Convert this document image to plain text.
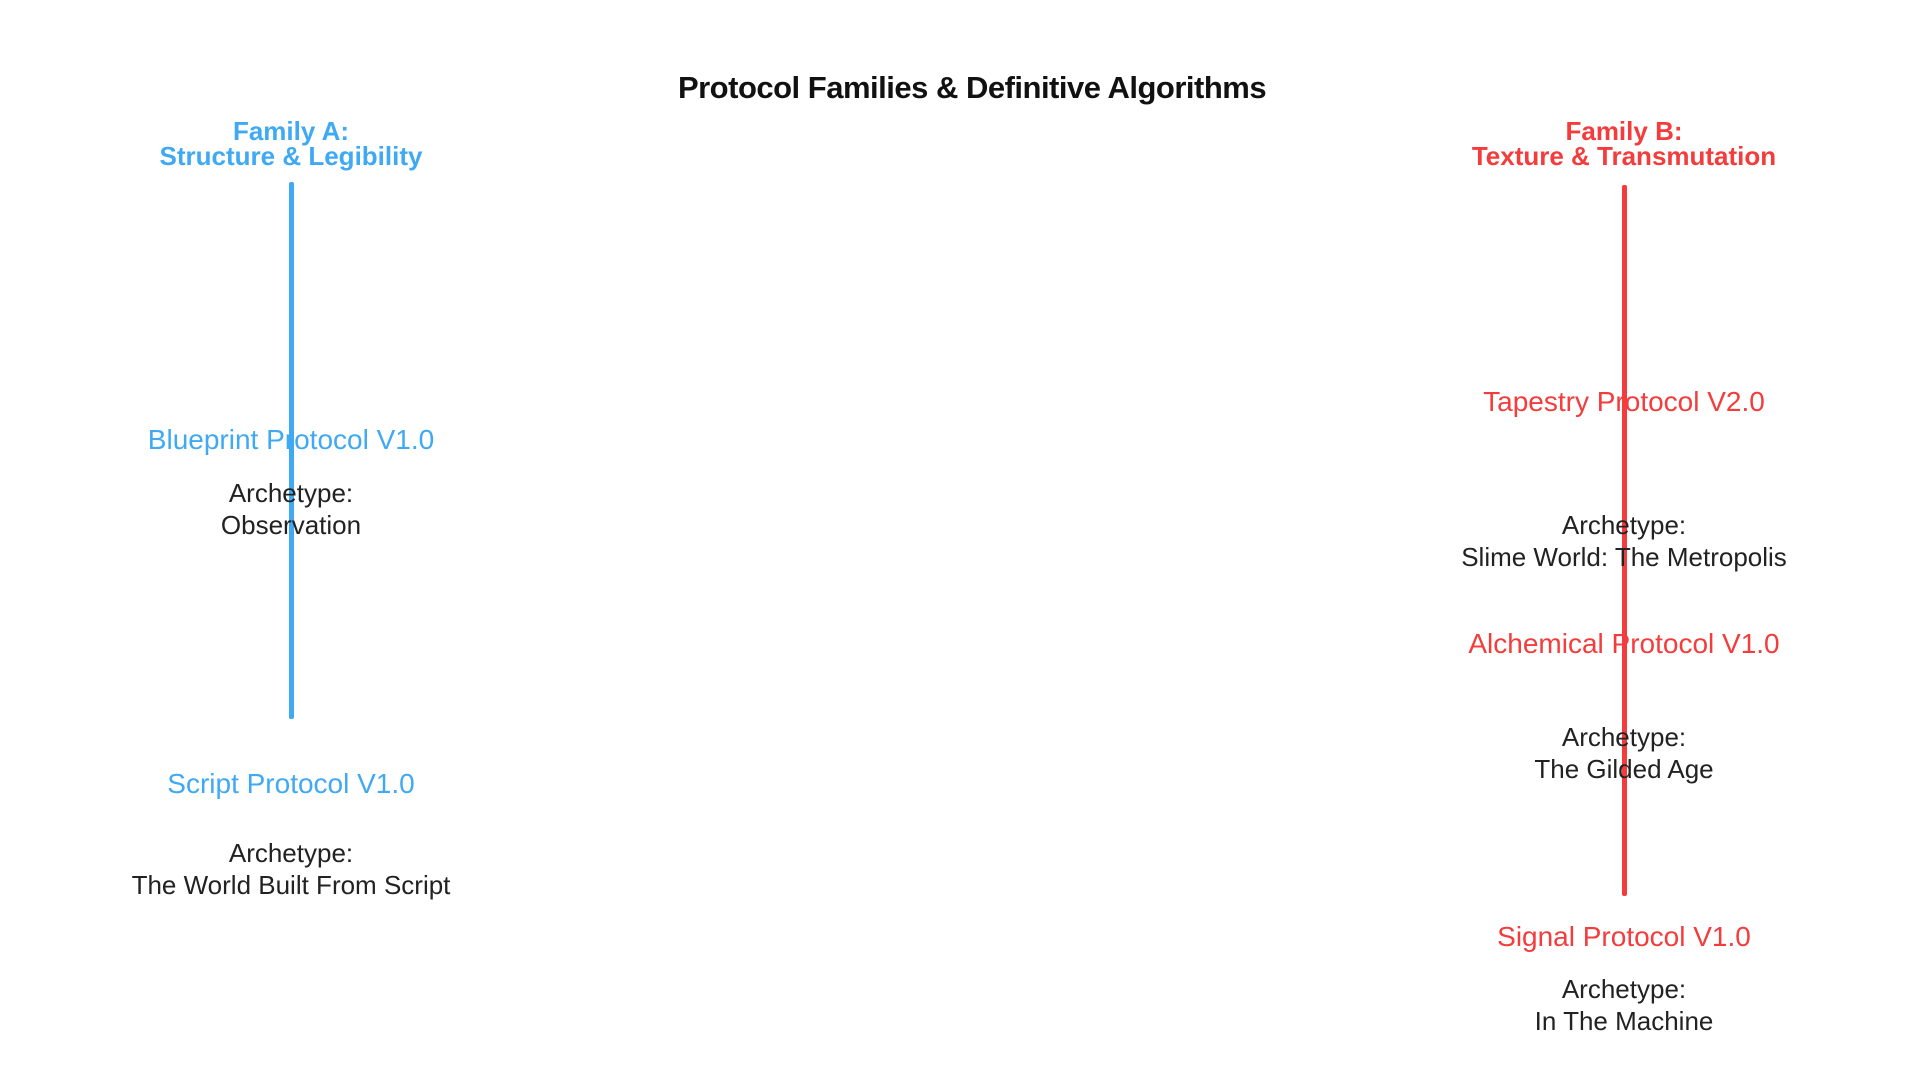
Protocol Families & Definitive Algorithms
Family A:
Structure & Legibility
Blueprint Protocol V1.0
Archetype:
Observation
Script Protocol V1.0
Archetype:
The World Built From Script
Family B:
Texture & Transmutation
Tapestry Protocol V2.0
Archetype:
Slime World: The Metropolis
Alchemical Protocol V1.0
Archetype:
The Gilded Age
Signal Protocol V1.0
Archetype:
In The Machine
